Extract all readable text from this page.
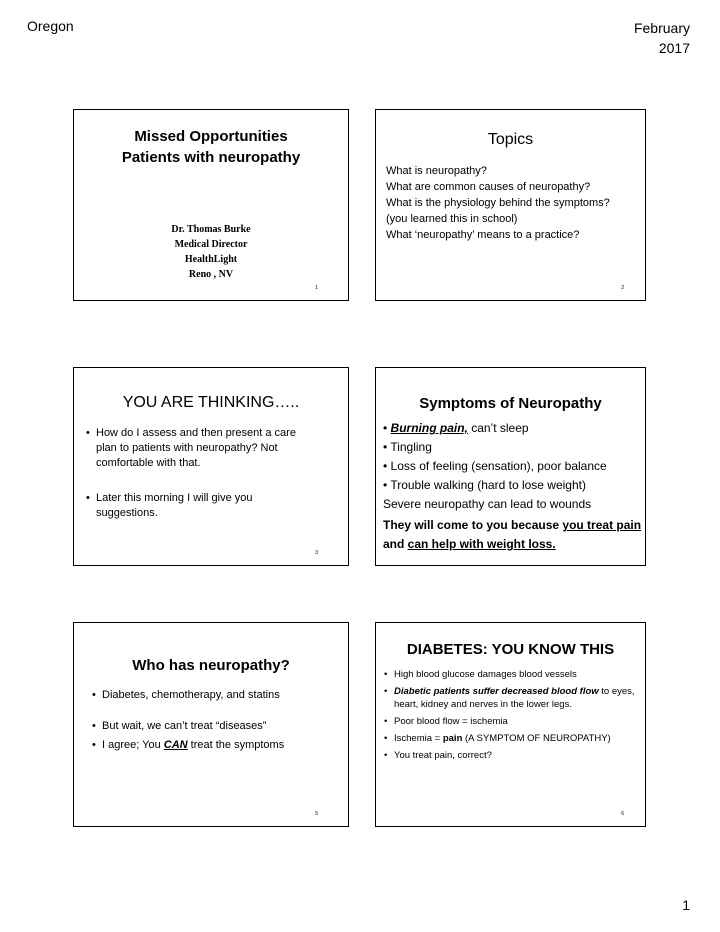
Oregon	February
2017
Missed Opportunities
Patients with neuropathy
Dr. Thomas Burke
Medical Director
HealthLight
Reno , NV
1
Topics
What is neuropathy?
What are common causes of neuropathy?
What is the physiology behind the symptoms?
(you learned this in school)
What ‘neuropathy’ means to a practice?
2
YOU ARE THINKING…..
• How do I assess and then present a care plan to patients with neuropathy? Not comfortable with that.
• Later this morning I will give you suggestions.
3
Symptoms of Neuropathy
• Burning pain, can’t sleep
• Tingling
• Loss of feeling (sensation), poor balance
• Trouble walking (hard to lose weight)
Severe neuropathy can lead to wounds
They will come to you because you treat pain and can help with weight loss.
Who has neuropathy?
• Diabetes, chemotherapy, and statins
• But wait, we can’t treat “diseases”
• I agree; You CAN treat the symptoms
5
DIABETES: YOU KNOW THIS
• High blood glucose damages blood vessels
• Diabetic patients suffer decreased blood flow to eyes, heart, kidney and nerves in the lower legs.
• Poor blood flow = ischemia
• Ischemia = pain (A SYMPTOM OF NEUROPATHY)
• You treat pain, correct?
6
1
